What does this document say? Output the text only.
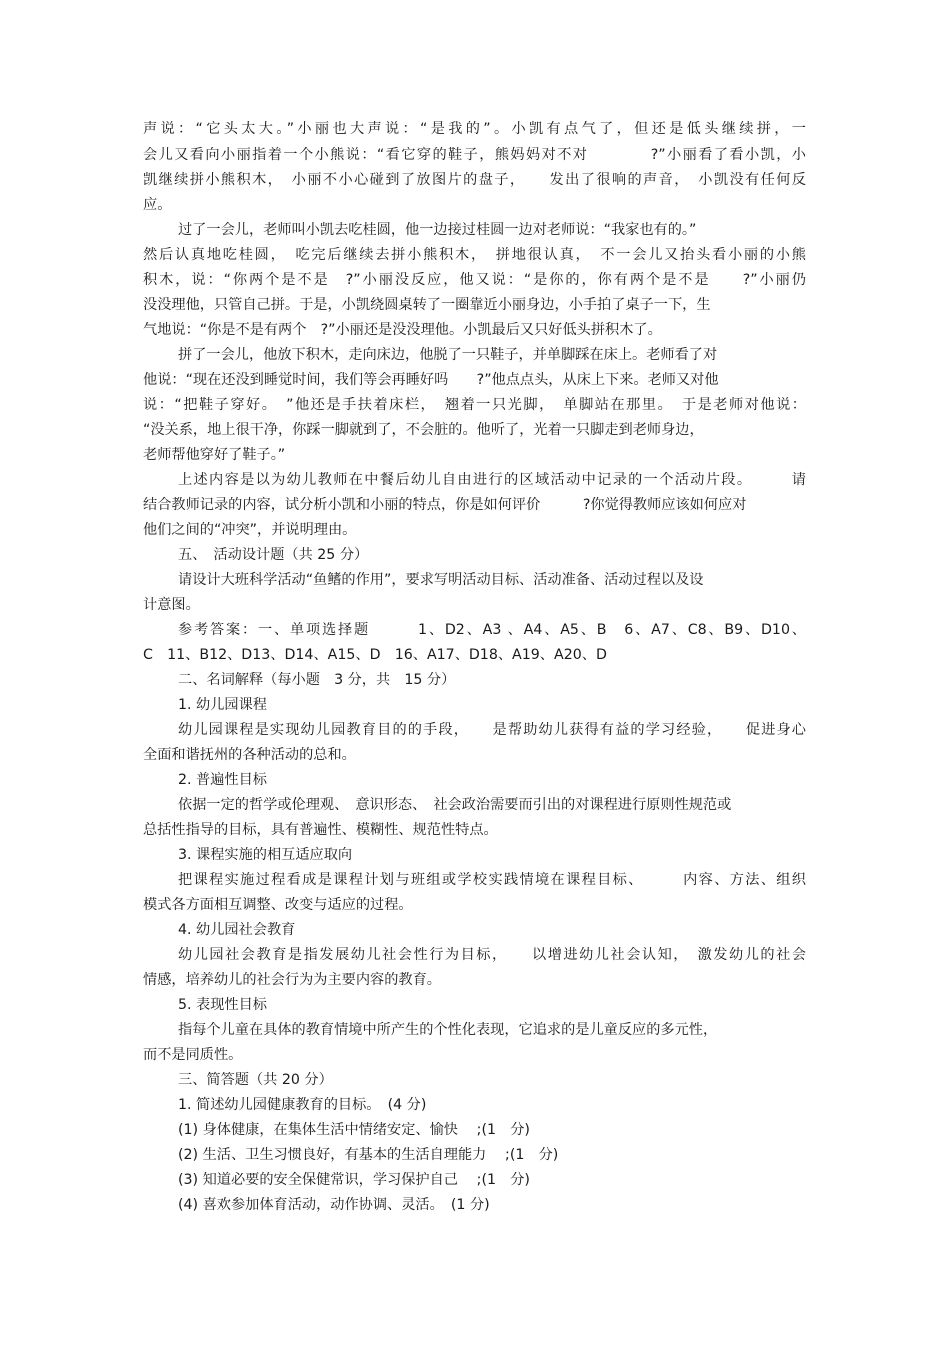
声说：“它头太大。”小丽也大声说：“是我的”。小凯有点气了，但还是低头继续拼，一
会儿又看向小丽指着一个小熊说：“看它穿的鞋子，熊妈妈对不对　　　　?”小丽看了看小凯，小
凯继续拼小熊积木，　小丽不小心碰到了放图片的盘子，　　发出了很响的声音，　小凯没有任何反
应。
过了一会儿，老师叫小凯去吃桂圆，他一边接过桂圆一边对老师说：“我家也有的。”
然后认真地吃桂圆，　吃完后继续去拼小熊积木，　拼地很认真，　不一会儿又抬头看小丽的小熊
积木，说：“你两个是不是　?”小丽没反应，他又说：“是你的，你有两个是不是　　?”小丽仍
没没理他，只管自己拼。于是，小凯绕圆桌转了一圈靠近小丽身边，小手拍了桌子一下，生
气地说：“你是不是有两个　?”小丽还是没没理他。小凯最后又只好低头拼积木了。
拼了一会儿，他放下积木，走向床边，他脱了一只鞋子，并单脚踩在床上。老师看了对
他说：“现在还没到睡觉时间，我们等会再睡好吗　　?”他点点头，从床上下来。老师又对他
说：“把鞋子穿好。　”他还是手扶着床栏，　翘着一只光脚，　单脚站在那里。　于是老师对他说：
“没关系，地上很干净，你踩一脚就到了，不会脏的。他听了，光着一只脚走到老师身边，
老师帮他穿好了鞋子。”
上述内容是以为幼儿教师在中餐后幼儿自由进行的区域活动中记录的一个活动片段。　　　请
结合教师记录的内容，试分析小凯和小丽的特点，你是如何评价　　　?你觉得教师应该如何应对
他们之间的“冲突”，并说明理由。
五、　活动设计题（共 25 分）
请设计大班科学活动“鱼鳍的作用”，要求写明活动目标、活动准备、活动过程以及设
计意图。
参考答案：一、单项选择题　　　1、D2、A3 、A4、A5、B　6、A7、C8、B9、D10、
C　11、B12、D13、D14、A15、D　16、A17、D18、A19、A20、D
二、名词解释（每小题　3 分，共　15 分）
1. 幼儿园课程
幼儿园课程是实现幼儿园教育目的的手段，　　是帮助幼儿获得有益的学习经验，　　促进身心
全面和谐抚州的各种活动的总和。
2. 普遍性目标
依据一定的哲学或伦理观、　意识形态、　社会政治需要而引出的对课程进行原则性规范或
总括性指导的目标，具有普遍性、模糊性、规范性特点。
3. 课程实施的相互适应取向
把课程实施过程看成是课程计划与班组或学校实践情境在课程目标、　　　内容、方法、组织
模式各方面相互调整、改变与适应的过程。
4. 幼儿园社会教育
幼儿园社会教育是指发展幼儿社会性行为目标，　　以增进幼儿社会认知，　激发幼儿的社会
情感，培养幼儿的社会行为为主要内容的教育。
5. 表现性目标
指每个儿童在具体的教育情境中所产生的个性化表现，它追求的是儿童反应的多元性，
而不是同质性。
三、简答题（共 20 分）
1. 简述幼儿园健康教育的目标。　(4 分)
(1) 身体健康，在集体生活中情绪安定、愉快　 ;(1　分)
(2) 生活、卫生习惯良好，有基本的生活自理能力　 ;(1　分)
(3) 知道必要的安全保健常识，学习保护自己　 ;(1　分)
(4) 喜欢参加体育活动，动作协调、灵活。　(1 分)
